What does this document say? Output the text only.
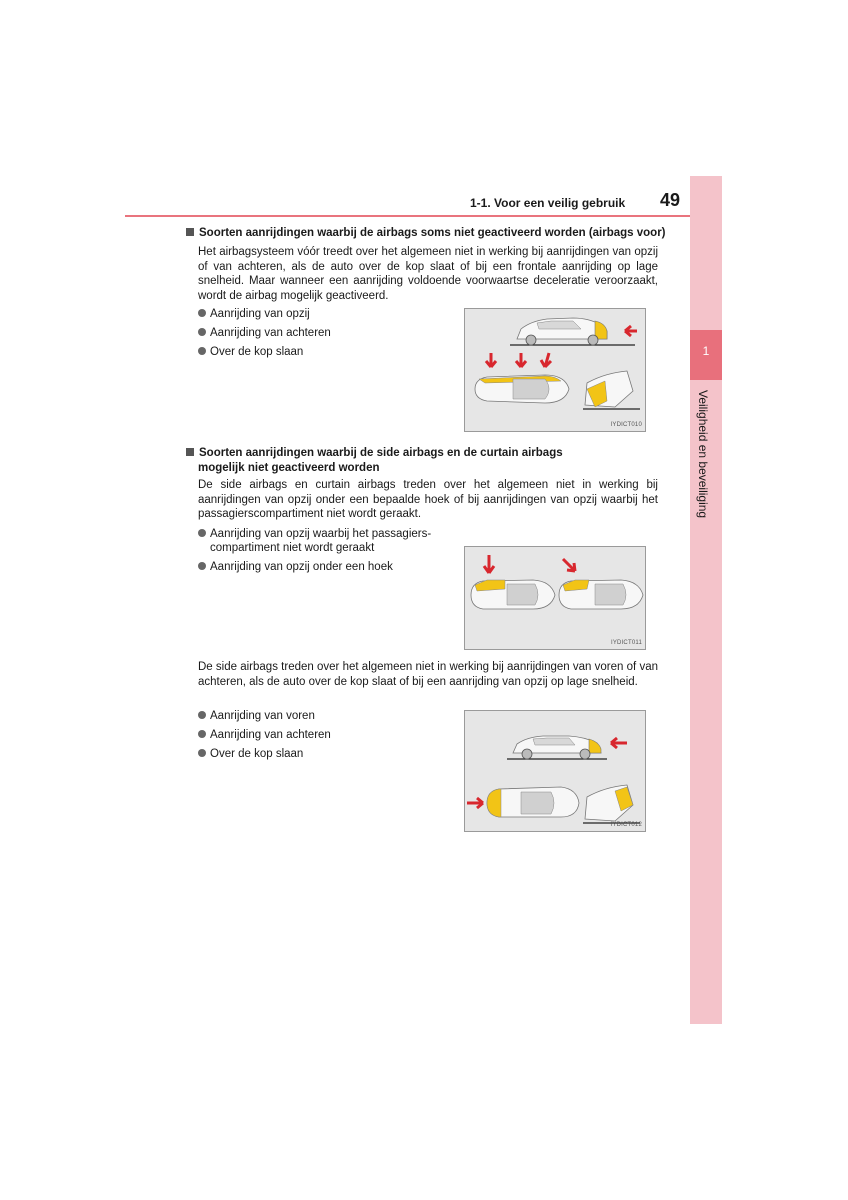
1
Veiligheid en beveiliging
1-1. Voor een veilig gebruik 49
Soorten aanrijdingen waarbij de airbags soms niet geactiveerd worden (airbags voor)
Het airbagsysteem vóór treedt over het algemeen niet in werking bij aanrijdingen van opzij of van achteren, als de auto over de kop slaat of bij een frontale aanrijding op lage snelheid. Maar wanneer een aanrijding voldoende voorwaartse deceleratie veroorzaakt, wordt de airbag mogelijk geactiveerd.
Aanrijding van opzij
Aanrijding van achteren
Over de kop slaan
IYDICT010
Soorten aanrijdingen waarbij de side airbags en de curtain airbags
mogelijk niet geactiveerd worden
De side airbags en curtain airbags treden over het algemeen niet in werking bij aanrijdingen van opzij onder een bepaalde hoek of bij aanrijdingen van opzij waarbij het passagierscompartiment niet wordt geraakt.
Aanrijding van opzij waarbij het passagiers-
compartiment niet wordt geraakt
Aanrijding van opzij onder een hoek
IYDICT011
De side airbags treden over het algemeen niet in werking bij aanrijdingen van voren of van achteren, als de auto over de kop slaat of bij een aanrijding van opzij op lage snelheid.
Aanrijding van voren
Aanrijding van achteren
Over de kop slaan
IYDICT012
